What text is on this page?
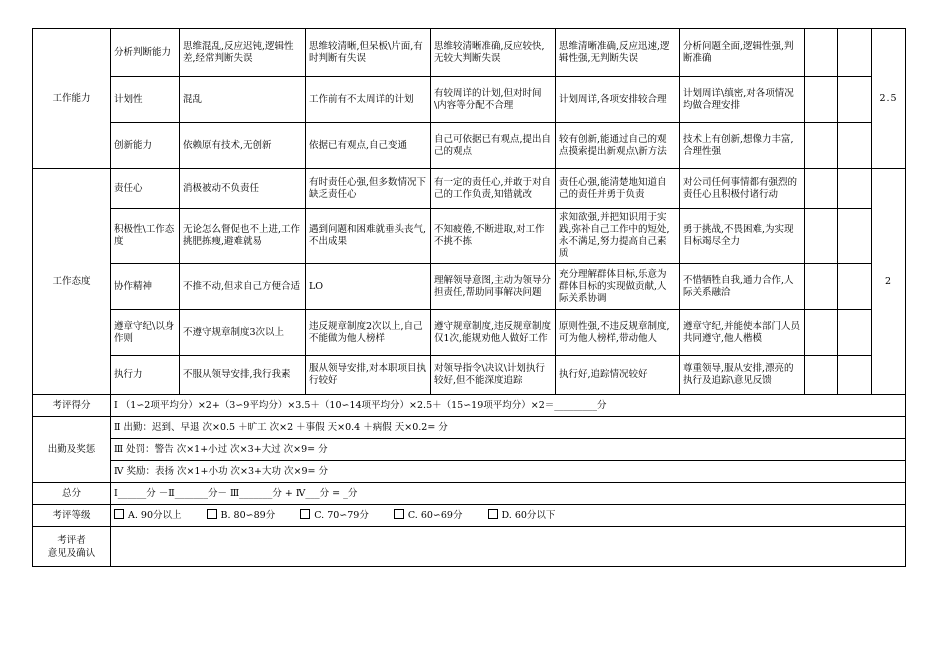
工作能力	分析判断能力	思维混乱,反应迟钝,逻辑性差,经常判断失误	思维较清晰,但呆板\片面,有时判断有失误	思维较清晰准确,反应较快,无较大判断失误	思维清晰准确,反应迅速,逻辑性强,无判断失误	分析问题全面,逻辑性强,判断准确			2.5
	计划性	混乱	工作前有不太周详的计划	有较周详的计划,但对时间\内容等分配不合理	计划周详,各项安排较合理	计划周详\缜密,对各项情况均做合理安排			
	创新能力	依赖原有技术,无创新	依据已有观点,自己变通	自己可依据已有观点,提出自己的观点	较有创新,能通过自己的观点摸索提出新观点\新方法	技术上有创新,想像力丰富,合理性强			
工作态度	责任心	消极被动不负责任	有时责任心强,但多数情况下缺乏责任心	有一定的责任心,并敢于对自己的工作负责,知错就改	责任心强,能清楚地知道自己的责任并勇于负责	对公司任何事情都有强烈的责任心且积极付诸行动			2
	积极性\工作态度	无论怎么督促也不上进,工作挑肥拣瘦,避难就易	遇到问题和困难就垂头丧气,不出成果	不知疲倦,不断进取,对工作不挑不拣	求知欲强,并把知识用于实践,弥补自己工作中的短处,永不满足,努力提高自己素质	勇于挑战,不畏困难,为实现目标竭尽全力			
	协作精神	不推不动,但求自己方便合适	LO	理解领导意图,主动为领导分担责任,帮助同事解决问题	充分理解群体目标,乐意为群体目标的实现做贡献,人际关系协调	不惜牺牲自我,通力合作,人际关系融洽			
	遵章守纪\以身作则	不遵守规章制度3次以上	违反规章制度2次以上,自己不能做为他人榜样	遵守规章制度,违反规章制度仅1次,能规劝他人做好工作	原则性强,不违反规章制度,可为他人榜样,带动他人	遵章守纪,并能使本部门人员共同遵守,他人楷模			
	执行力	不服从领导安排,我行我素	服从领导安排,对本职项目执行较好	对领导指令\决议\计划执行较好,但不能深度追踪	执行好,追踪情况较好	尊重领导,服从安排,漂亮的执行及追踪\意见反馈			
考评得分	Ⅰ （1∽2项平均分）×2+（3∽9平均分）×3.5＋（10∽14项平均分）×2.5＋（15∽19项平均分）×2＝_________分								
出勤及奖惩	Ⅱ 出勤：迟到、早退 次×0.5 ＋旷工 次×2 ＋事假 天×0.4 ＋病假 天×0.2= 分								
	Ⅲ 处罚：警告 次×1+小过 次×3+大过 次×9= 分								
	Ⅳ 奖励：表扬 次×1+小功 次×3+大功 次×9= 分								
总分	Ⅰ______分 －Ⅱ_______分－ Ⅲ_______分 + Ⅳ___分 = _分								
考评等级	A. 90分以上 B. 80∽89分 C. 70∽79分 C. 60∽69分 D. 60分以下								

考评者
意见及确认									
